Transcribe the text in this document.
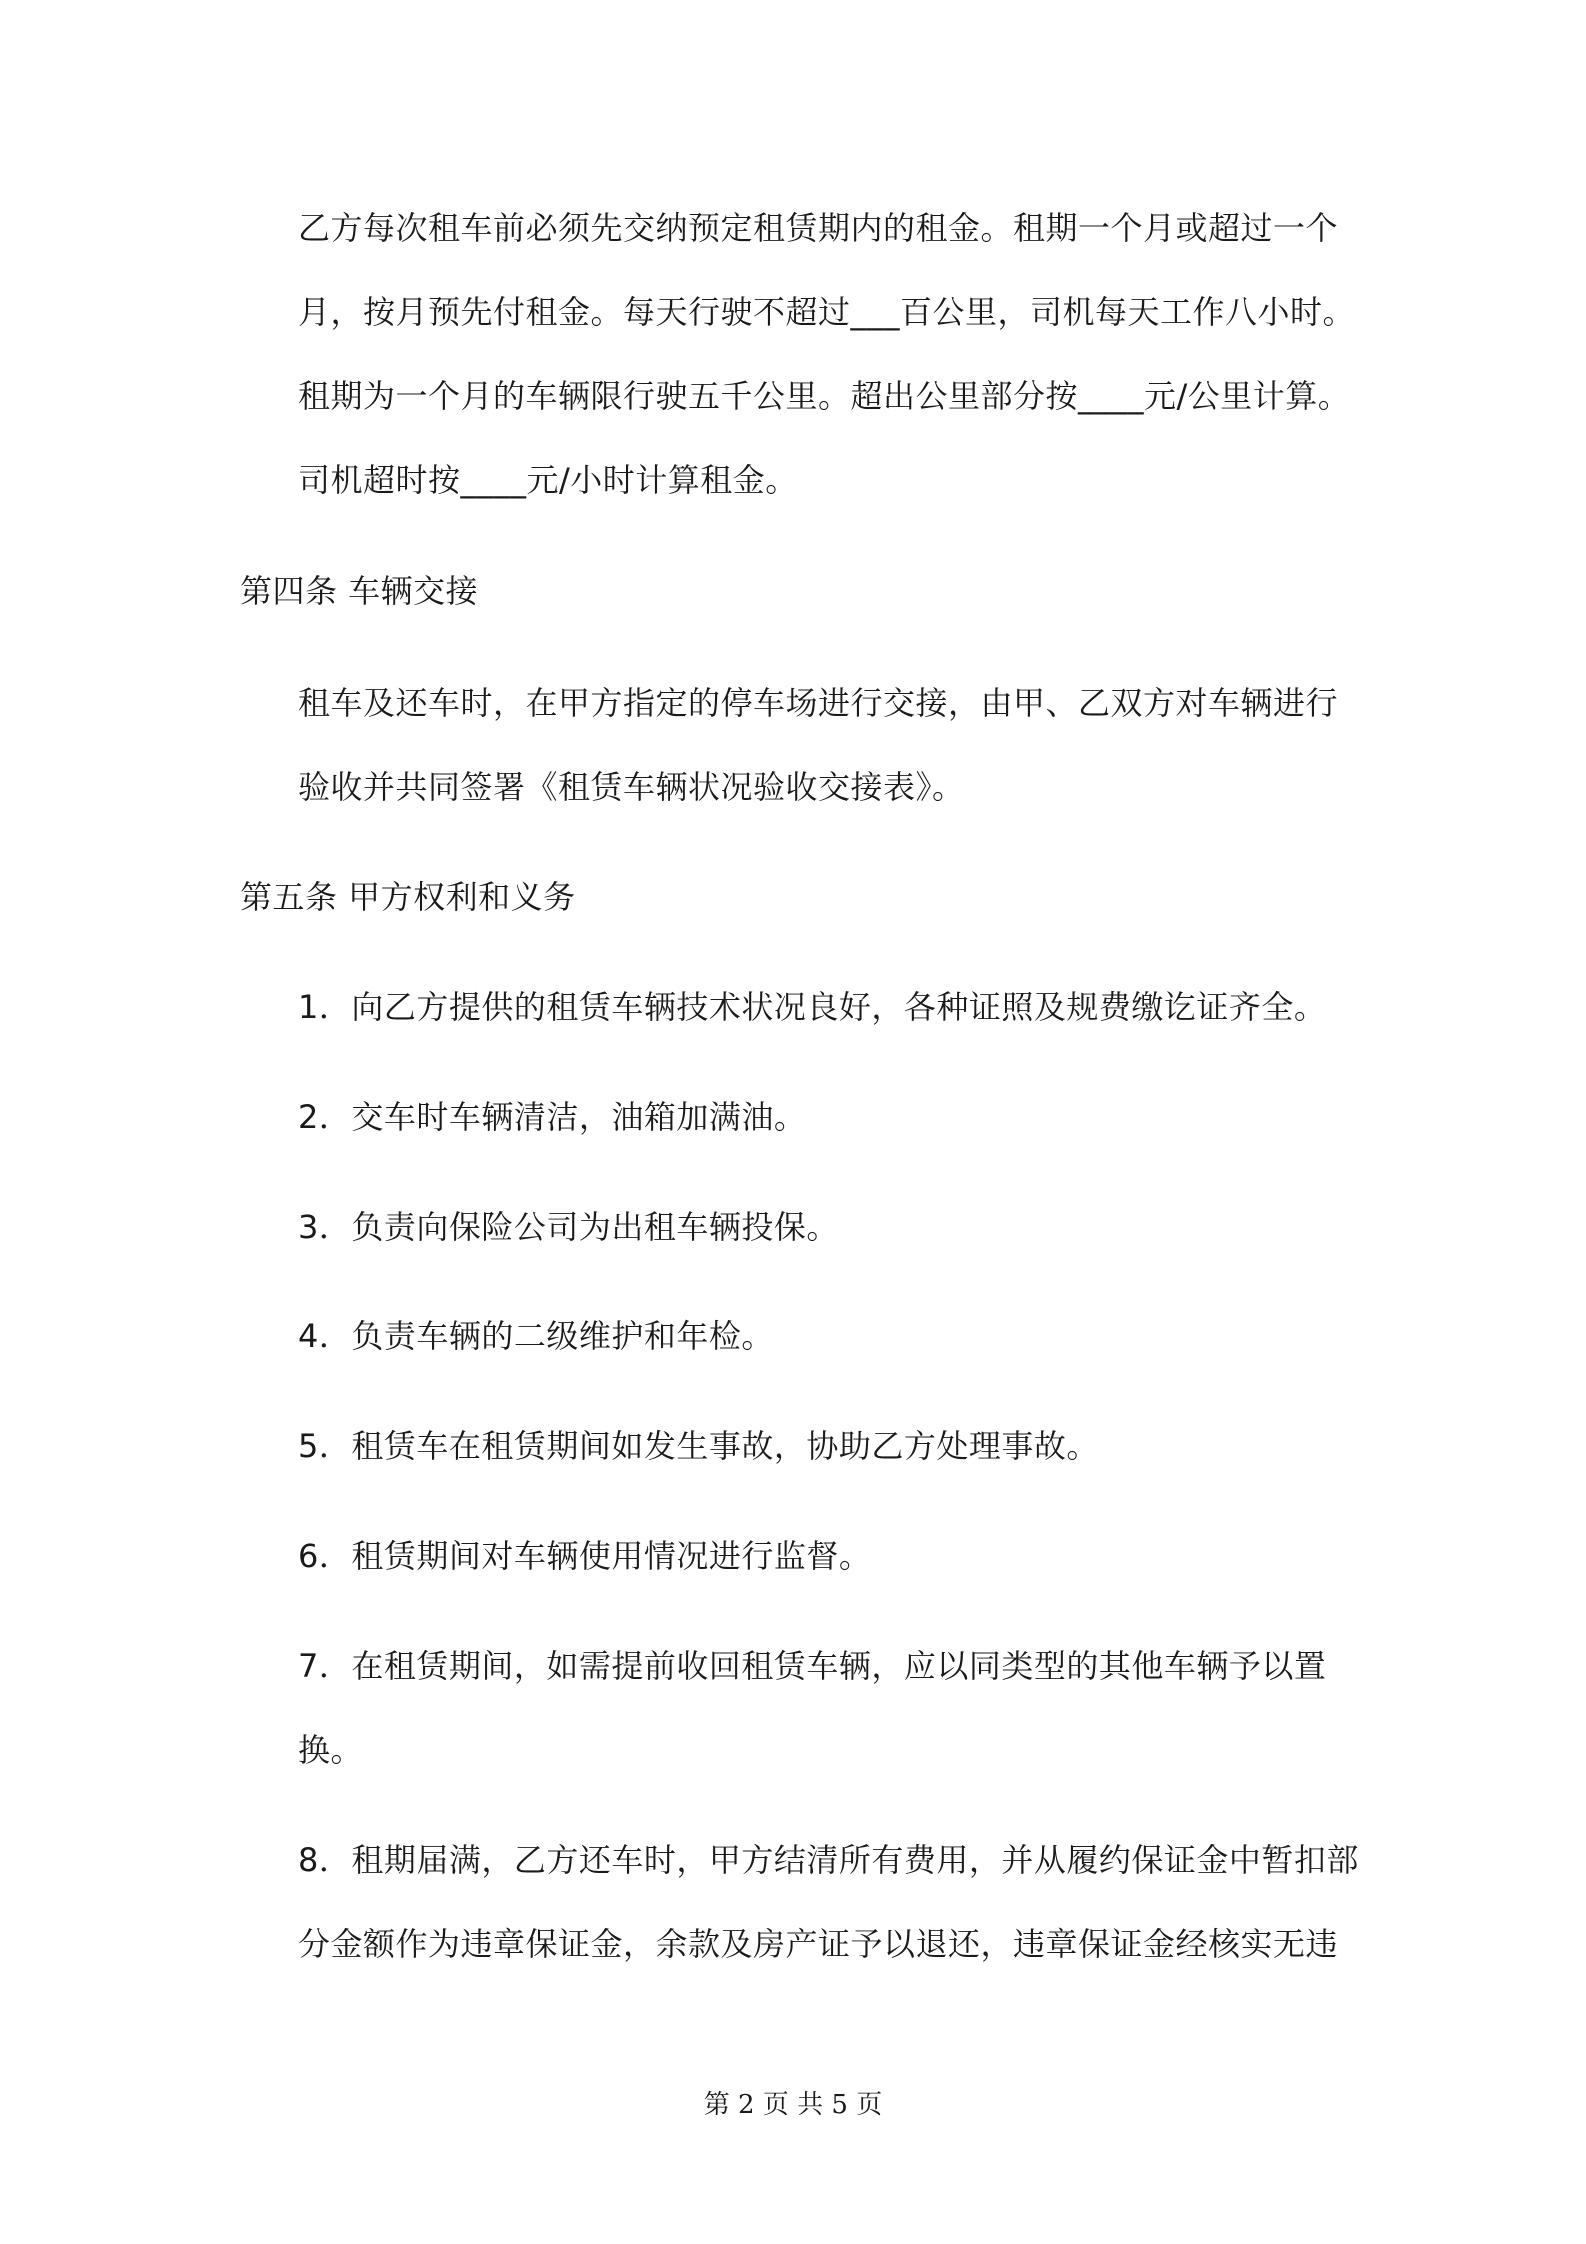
乙方每次租车前必须先交纳预定租赁期内的租金。租期一个月或超过一个
月，按月预先付租金。每天行驶不超过___百公里，司机每天工作八小时。
租期为一个月的车辆限行驶五千公里。超出公里部分按____元/公里计算。
司机超时按____元/小时计算租金。
第四条 车辆交接
租车及还车时，在甲方指定的停车场进行交接，由甲、乙双方对车辆进行
验收并共同签署《租赁车辆状况验收交接表》。
第五条 甲方权利和义务
1．向乙方提供的租赁车辆技术状况良好，各种证照及规费缴讫证齐全。
2．交车时车辆清洁，油箱加满油。
3．负责向保险公司为出租车辆投保。
4．负责车辆的二级维护和年检。
5．租赁车在租赁期间如发生事故，协助乙方处理事故。
6．租赁期间对车辆使用情况进行监督。
7．在租赁期间，如需提前收回租赁车辆，应以同类型的其他车辆予以置
换。
8．租期届满，乙方还车时，甲方结清所有费用，并从履约保证金中暂扣部
分金额作为违章保证金，余款及房产证予以退还，违章保证金经核实无违
第 2 页 共 5 页
